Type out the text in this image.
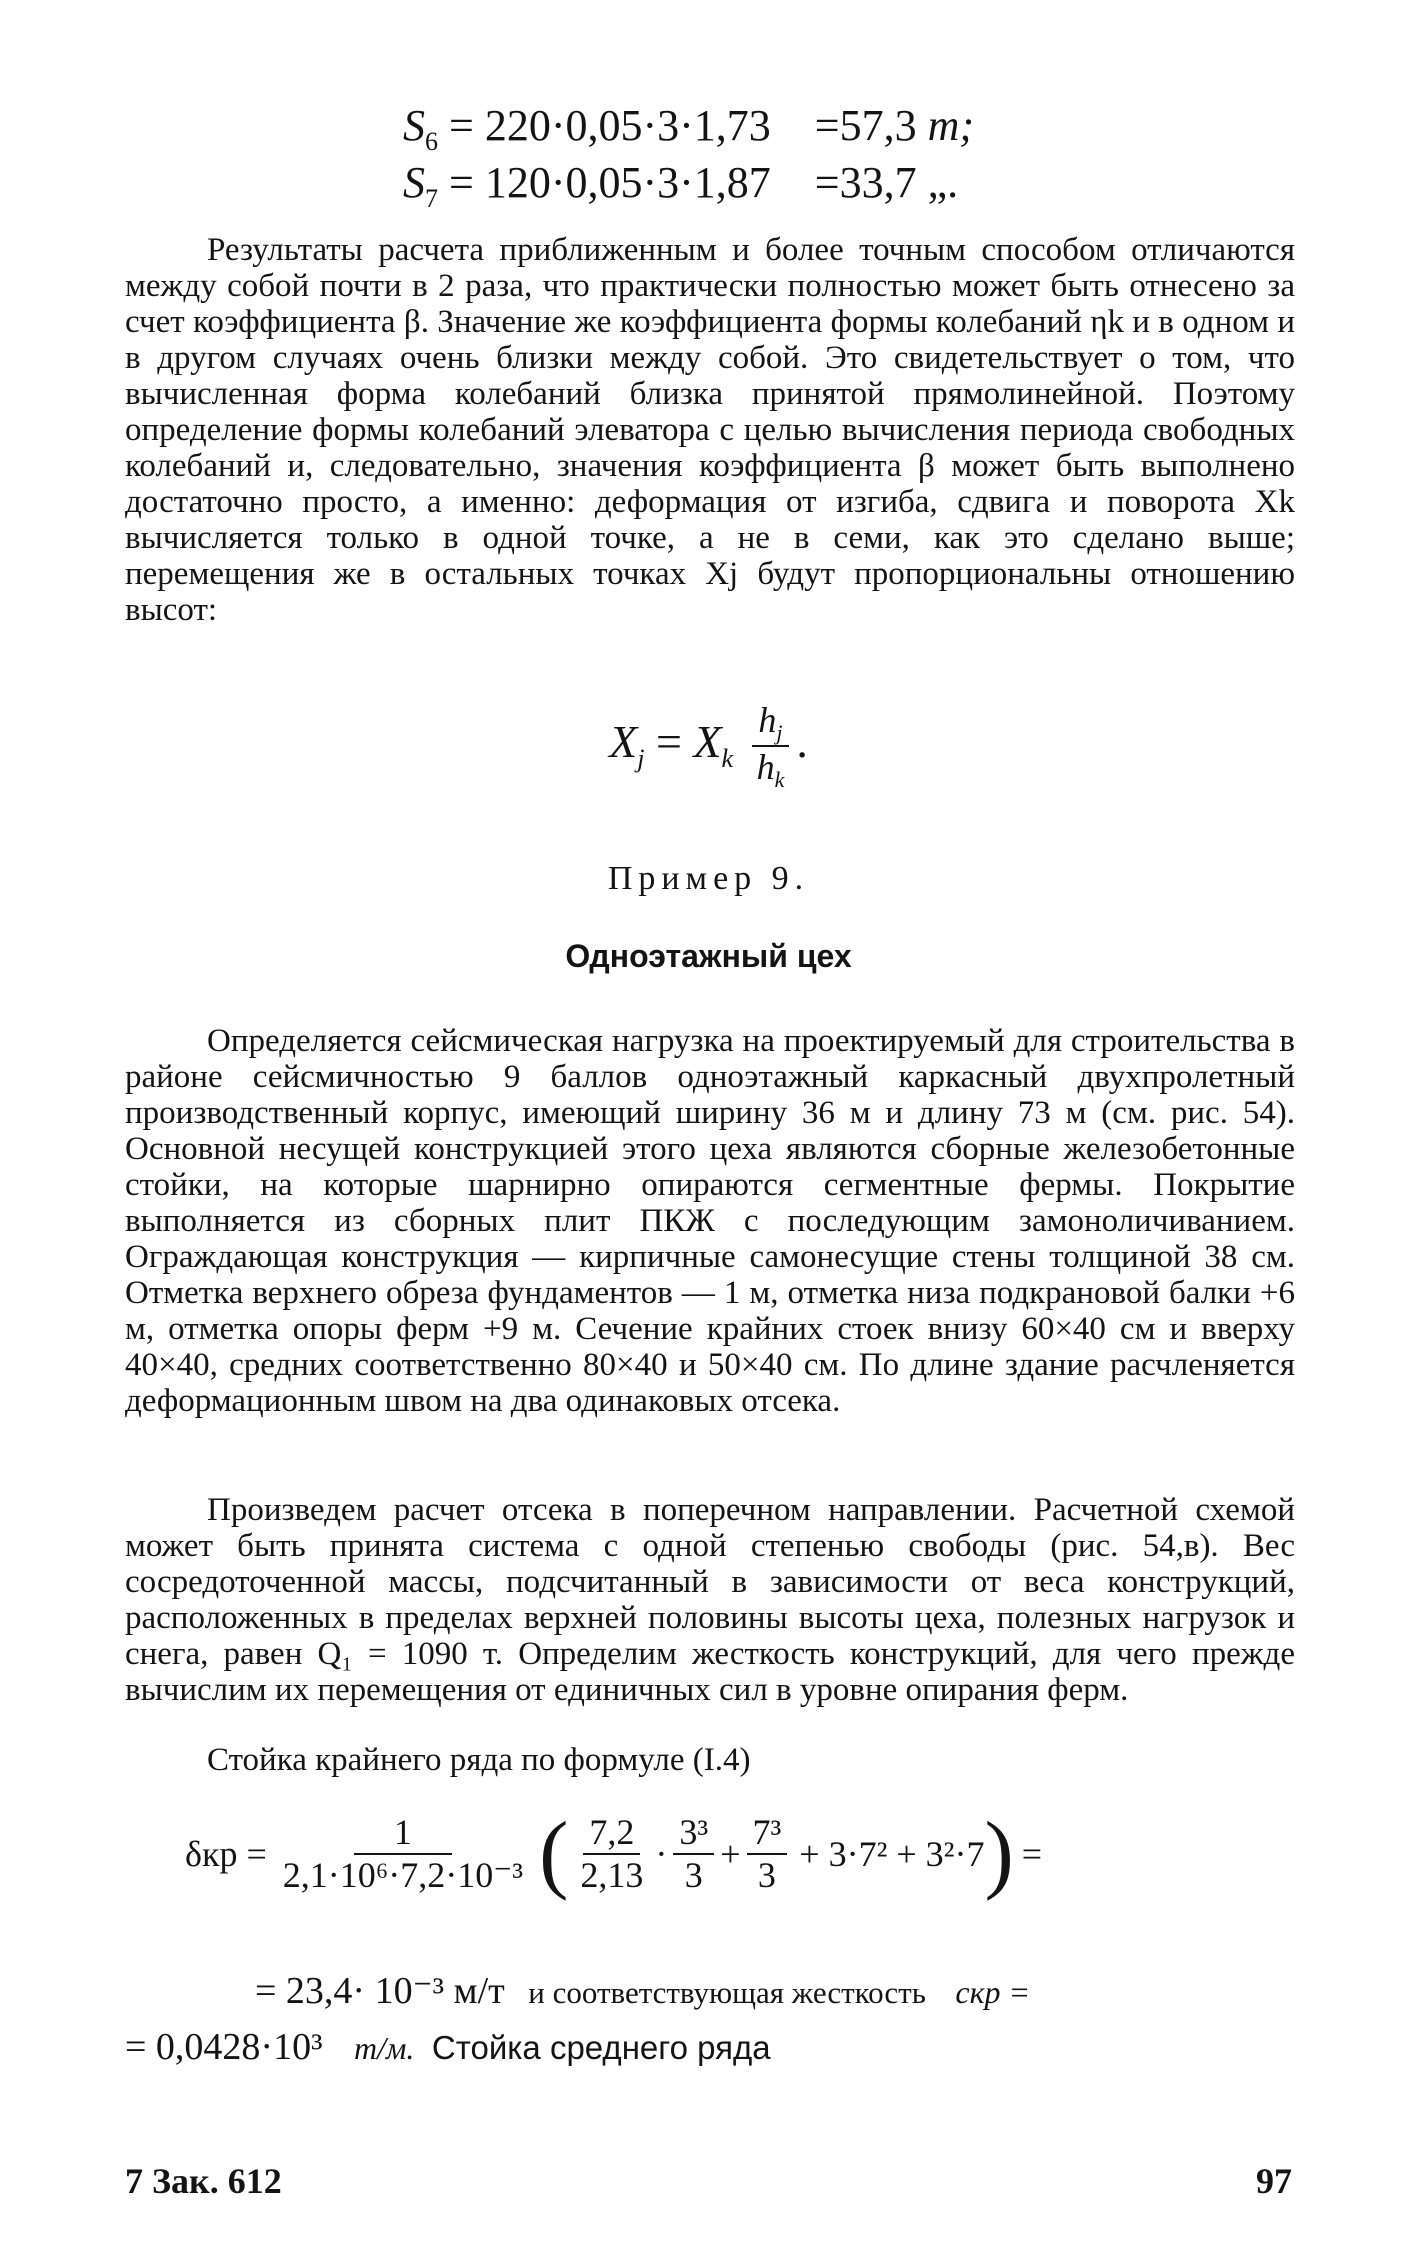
$S_6 = 220\cdot 0,05\cdot 3\cdot 1,73 =57,3$ т;
$S_7 = 120\cdot 0,05\cdot 3\cdot 1,87 =33,7$ „.

Результаты расчета приближенным и более точным способом отличаются между собой почти в 2 раза, что практически полностью может быть отнесено за счет коэффициента β. Значение же коэффициента формы колебаний ηk и в одном и в другом случаях очень близки между собой. Это свидетельствует о том, что вычисленная форма колебаний близка принятой прямолинейной. Поэтому определение формы колебаний элеватора с целью вычисления периода свободных колебаний и, следовательно, значения коэффициента β может быть выполнено достаточно просто, а именно: деформация от изгиба, сдвига и поворота Xk вычисляется только в одной точке, а не в семи, как это сделано выше; перемещения же в остальных точках Xj будут пропорциональны отношению высот:

$X_j = X_k \frac{h_j}{h_k}$ .
Пример 9.
Одноэтажный цех

Определяется сейсмическая нагрузка на проектируемый для строительства в районе сейсмичностью 9 баллов одноэтажный каркасный двухпролетный производственный корпус, имеющий ширину 36 м и длину 73 м (см. рис. 54). Основной несущей конструкцией этого цеха являются сборные железобетонные стойки, на которые шарнирно опираются сегментные фермы. Покрытие выполняется из сборных плит ПКЖ с последующим замоноличиванием. Ограждающая конструкция — кирпичные самонесущие стены толщиной 38 см. Отметка верхнего обреза фундаментов — 1 м, отметка низа подкрановой балки +6 м, отметка опоры ферм +9 м. Сечение крайних стоек внизу 60×40 см и вверху 40×40, средних соответственно 80×40 и 50×40 см. По длине здание расчленяется деформационным швом на два одинаковых отсека.

Произведем расчет отсека в поперечном направлении. Расчетной схемой может быть принята система с одной степенью свободы (рис. 54,в). Вес сосредоточенной массы, подсчитанный в зависимости от веса конструкций, расположенных в пределах верхней половины высоты цеха, полезных нагрузок и снега, равен Q₁ = 1090 т. Определим жесткость конструкций, для чего прежде вычислим их перемещения от единичных сил в уровне опирания ферм.

Стойка крайнего ряда по формуле (I.4)

$\delta кр = \frac{1}{\text{2,1·10⁶·7,2·10⁻³}}$ ( $\frac{7,2}{2,13} \cdot \frac{\text{3³}}{3} + \frac{\text{7³}}{3} + 3\cdot 7^2 + 3^2\cdot 7$ ) =
= 23,4· 10⁻³ м/т и соответствующая жесткость cкр =
= 0,0428·10³ т/м. Стойка среднего ряда
7 Зак. 612	97
